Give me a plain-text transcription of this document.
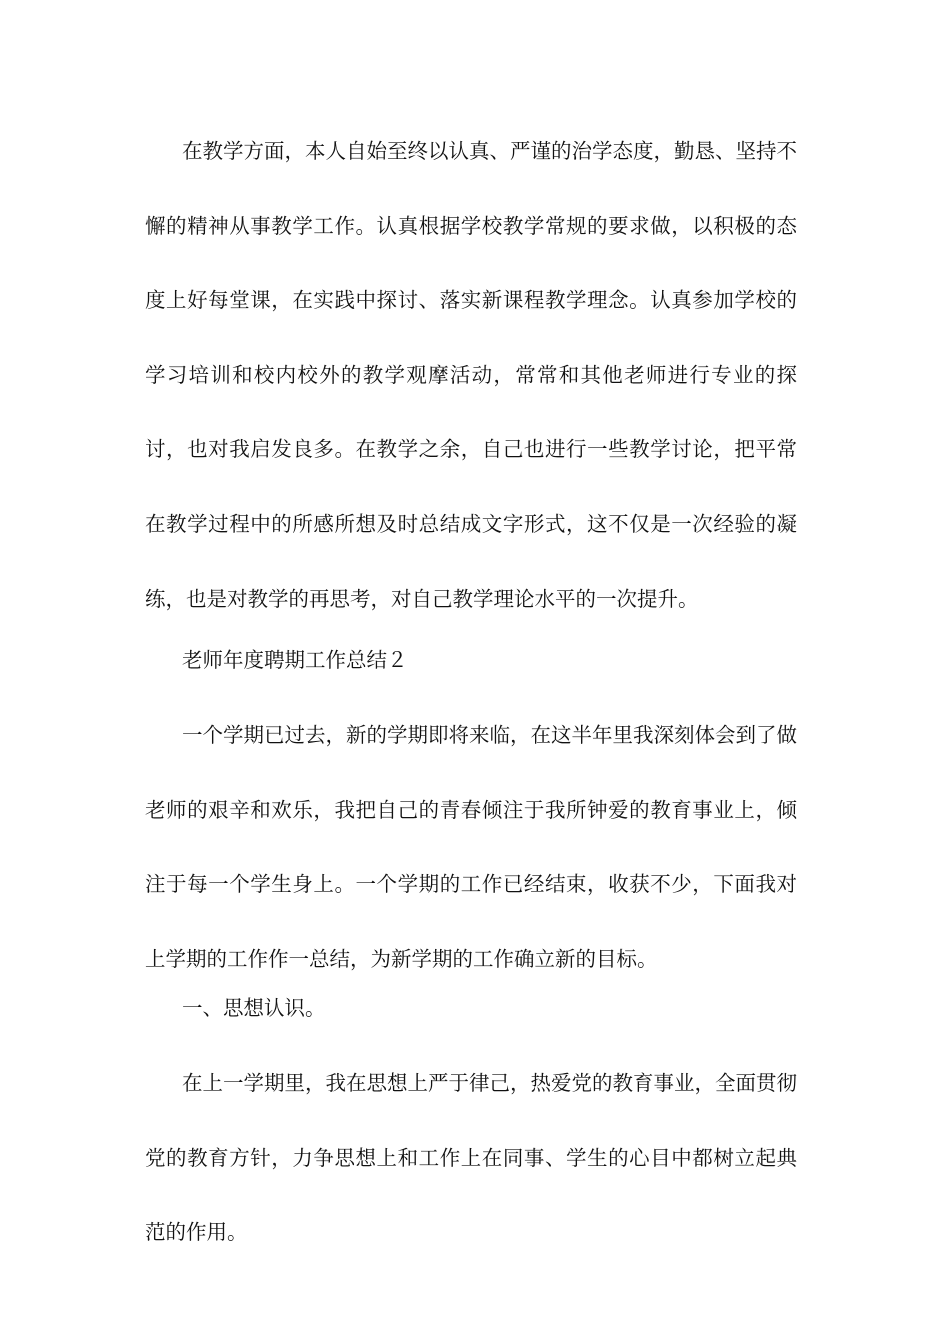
在教学方面，本人自始至终以认真、严谨的治学态度，勤恳、坚持不懈的精神从事教学工作。认真根据学校教学常规的要求做，以积极的态度上好每堂课，在实践中探讨、落实新课程教学理念。认真参加学校的学习培训和校内校外的教学观摩活动，常常和其他老师进行专业的探讨，也对我启发良多。在教学之余，自己也进行一些教学讨论，把平常在教学过程中的所感所想及时总结成文字形式，这不仅是一次经验的凝练，也是对教学的再思考，对自己教学理论水平的一次提升。

老师年度聘期工作总结２

一个学期已过去，新的学期即将来临，在这半年里我深刻体会到了做老师的艰辛和欢乐，我把自己的青春倾注于我所钟爱的教育事业上，倾注于每一个学生身上。一个学期的工作已经结束，收获不少，下面我对上学期的工作作一总结，为新学期的工作确立新的目标。

一、思想认识。

在上一学期里，我在思想上严于律己，热爱党的教育事业，全面贯彻党的教育方针，力争思想上和工作上在同事、学生的心目中都树立起典范的作用。
